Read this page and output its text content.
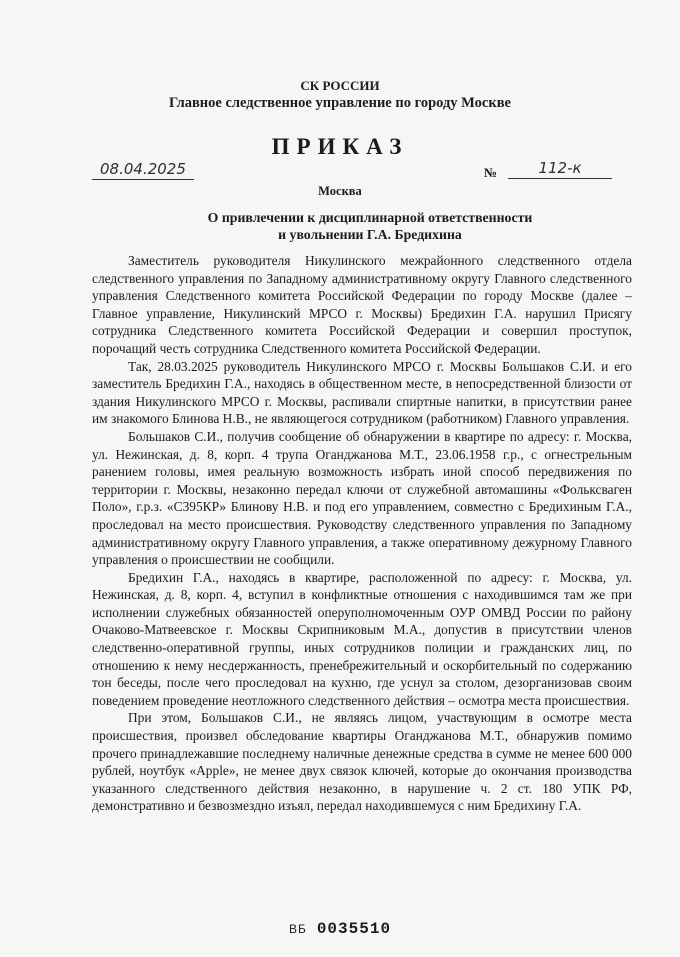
СК РОССИИ
Главное следственное управление по городу Москве
ПРИКАЗ
08.04.2025	№	112-к
Москва
О привлечении к дисциплинарной ответственности
и увольнении Г.А. Бредихина

Заместитель руководителя Никулинского межрайонного следственного отдела следственного управления по Западному административному округу Главного следственного управления Следственного комитета Российской Федерации по городу Москве (далее – Главное управление, Никулинский МРСО г. Москвы) Бредихин Г.А. нарушил Присягу сотрудника Следственного комитета Российской Федерации и совершил проступок, порочащий честь сотрудника Следственного комитета Российской Федерации.

Так, 28.03.2025 руководитель Никулинского МРСО г. Москвы Большаков С.И. и его заместитель Бредихин Г.А., находясь в общественном месте, в непосредственной близости от здания Никулинского МРСО г. Москвы, распивали спиртные напитки, в присутствии ранее им знакомого Блинова Н.В., не являющегося сотрудником (работником) Главного управления.

Большаков С.И., получив сообщение об обнаружении в квартире по адресу: г. Москва, ул. Нежинская, д. 8, корп. 4 трупа Оганджанова М.Т., 23.06.1958 г.р., с огнестрельным ранением головы, имея реальную возможность избрать иной способ передвижения по территории г. Москвы, незаконно передал ключи от служебной автомашины «Фольксваген Поло», г.р.з. «С395КР» Блинову Н.В. и под его управлением, совместно с Бредихиным Г.А., проследовал на место происшествия. Руководству следственного управления по Западному административному округу Главного управления, а также оперативному дежурному Главного управления о происшествии не сообщили.

Бредихин Г.А., находясь в квартире, расположенной по адресу: г. Москва, ул. Нежинская, д. 8, корп. 4, вступил в конфликтные отношения с находившимся там же при исполнении служебных обязанностей оперуполномоченным ОУР ОМВД России по району Очаково-Матвеевское г. Москвы Скрипниковым М.А., допустив в присутствии членов следственно-оперативной группы, иных сотрудников полиции и гражданских лиц, по отношению к нему несдержанность, пренебрежительный и оскорбительный по содержанию тон беседы, после чего проследовал на кухню, где уснул за столом, дезорганизовав своим поведением проведение неотложного следственного действия – осмотра места происшествия.

При этом, Большаков С.И., не являясь лицом, участвующим в осмотре места происшествия, произвел обследование квартиры Оганджанова М.Т., обнаружив помимо прочего принадлежавшие последнему наличные денежные средства в сумме не менее 600 000 рублей, ноутбук «Apple», не менее двух связок ключей, которые до окончания производства указанного следственного действия незаконно, в нарушение ч. 2 ст. 180 УПК РФ, демонстративно и безвозмездно изъял, передал находившемуся с ним Бредихину Г.А.

ВБ 0035510
